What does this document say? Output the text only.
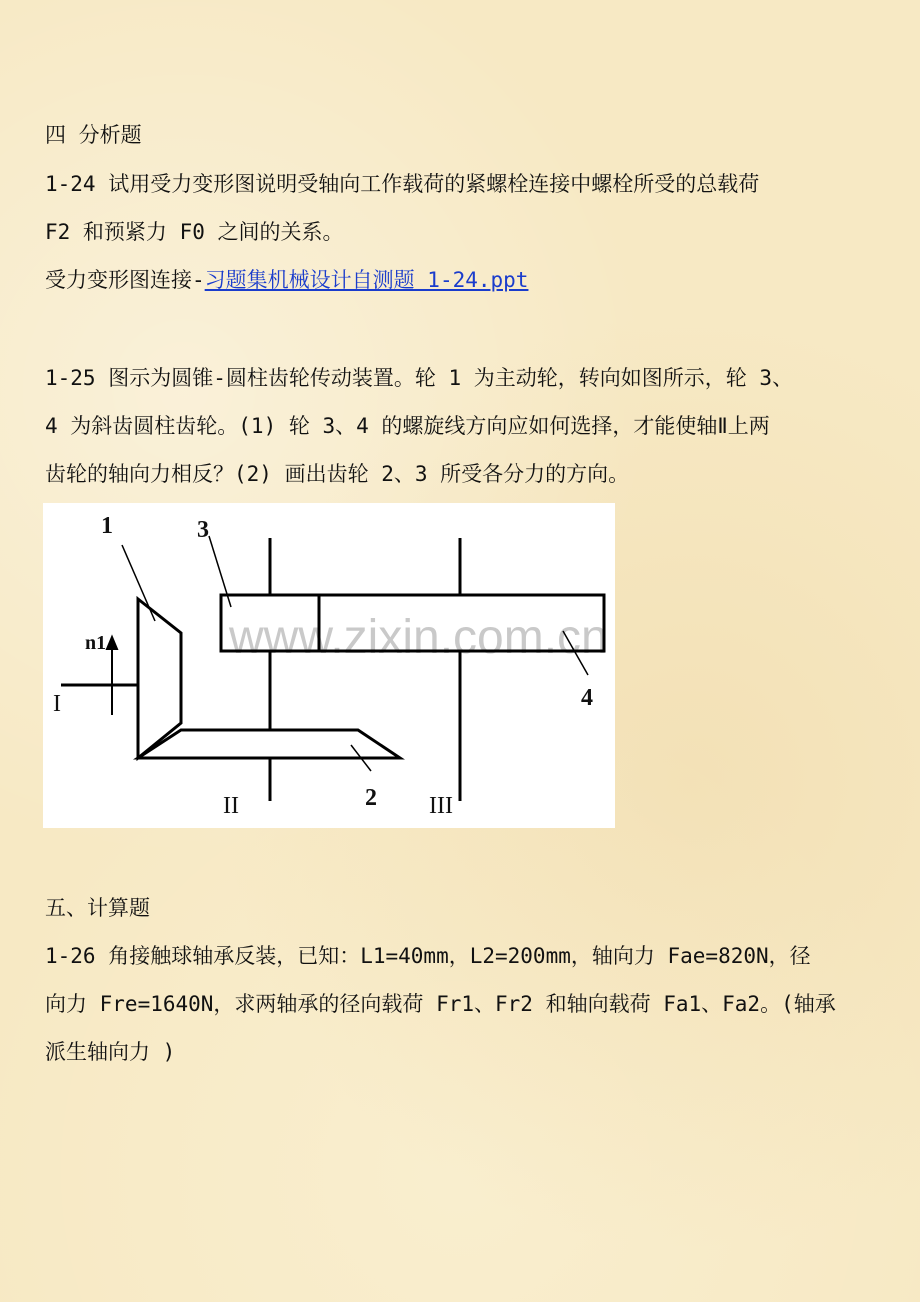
四 分析题
1-24 试用受力变形图说明受轴向工作载荷的紧螺栓连接中螺栓所受的总载荷
F2 和预紧力 F0 之间的关系。
受力变形图连接-习题集机械设计自测题 1-24.ppt
1-25 图示为圆锥-圆柱齿轮传动装置。轮 1 为主动轮，转向如图所示，轮 3、
4 为斜齿圆柱齿轮。(1) 轮 3、4 的螺旋线方向应如何选择，才能使轴Ⅱ上两
齿轮的轴向力相反？(2) 画出齿轮 2、3 所受各分力的方向。
www.zixin.com.cn
1	3
4
2
n1
I
II	III
五、计算题
1-26 角接触球轴承反装，已知：L1=40mm，L2=200mm，轴向力 Fae=820N，径
向力 Fre=1640N，求两轴承的径向载荷 Fr1、Fr2 和轴向载荷 Fa1、Fa2。(轴承
派生轴向力 )
